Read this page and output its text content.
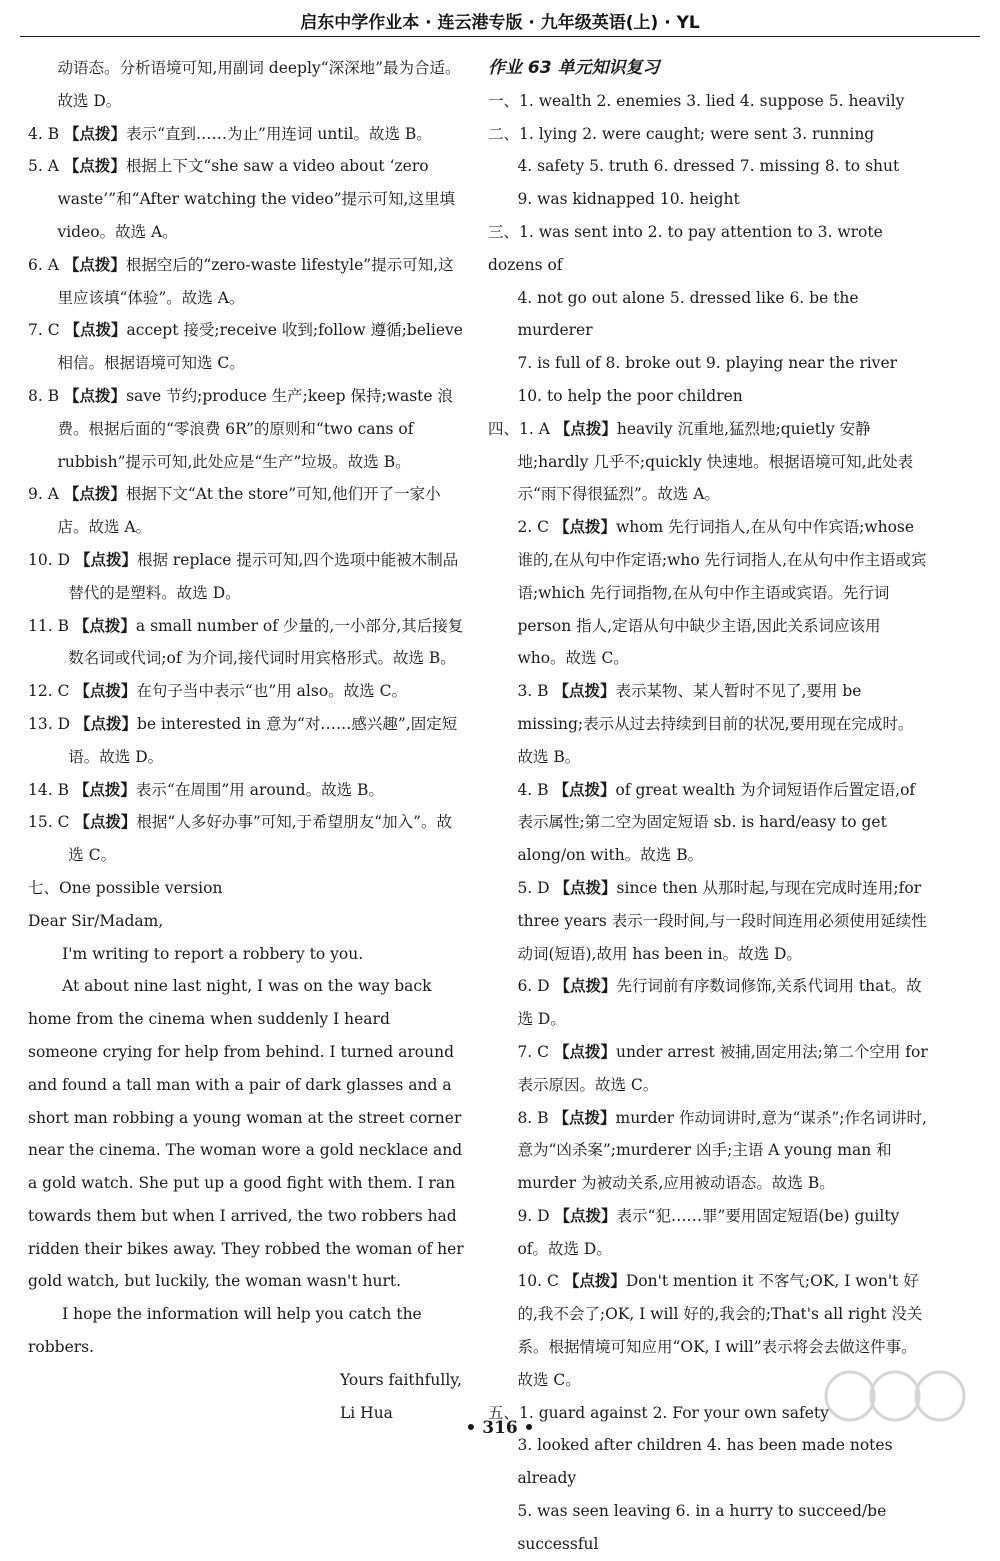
启东中学作业本 · 连云港专版 · 九年级英语(上) · YL
动语态。分析语境可知,用副词 deeply“深深地”最为合适。故选 D。
4. B 【点拨】表示“直到……为止”用连词 until。故选 B。
5. A 【点拨】根据上下文“she saw a video about ‘zero waste’”和“After watching the video”提示可知,这里填 video。故选 A。
6. A 【点拨】根据空后的“zero-waste lifestyle”提示可知,这里应该填“体验”。故选 A。
7. C 【点拨】accept 接受;receive 收到;follow 遵循;believe 相信。根据语境可知选 C。
8. B 【点拨】save 节约;produce 生产;keep 保持;waste 浪费。根据后面的“零浪费 6R”的原则和“two cans of rubbish”提示可知,此处应是“生产”垃圾。故选 B。
9. A 【点拨】根据下文“At the store”可知,他们开了一家小店。故选 A。
10. D 【点拨】根据 replace 提示可知,四个选项中能被木制品替代的是塑料。故选 D。
11. B 【点拨】a small number of 少量的,一小部分,其后接复数名词或代词;of 为介词,接代词时用宾格形式。故选 B。
12. C 【点拨】在句子当中表示“也”用 also。故选 C。
13. D 【点拨】be interested in 意为“对……感兴趣”,固定短语。故选 D。
14. B 【点拨】表示“在周围”用 around。故选 B。
15. C 【点拨】根据“人多好办事”可知,于希望朋友“加入”。故选 C。
七、One possible version
Dear Sir/Madam,
I'm writing to report a robbery to you.
At about nine last night, I was on the way back home from the cinema when suddenly I heard someone crying for help from behind. I turned around and found a tall man with a pair of dark glasses and a short man robbing a young woman at the street corner near the cinema. The woman wore a gold necklace and a gold watch. She put up a good fight with them. I ran towards them but when I arrived, the two robbers had ridden their bikes away. They robbed the woman of her gold watch, but luckily, the woman wasn't hurt.
I hope the information will help you catch the robbers.
Yours faithfully,
Li Hua
作业 63 单元知识复习
一、1. wealth 2. enemies 3. lied 4. suppose 5. heavily
二、1. lying 2. were caught; were sent 3. running
4. safety 5. truth 6. dressed 7. missing 8. to shut
9. was kidnapped 10. height
三、1. was sent into 2. to pay attention to 3. wrote dozens of
4. not go out alone 5. dressed like 6. be the murderer
7. is full of 8. broke out 9. playing near the river
10. to help the poor children
四、1. A 【点拨】heavily 沉重地,猛烈地;quietly 安静地;hardly 几乎不;quickly 快速地。根据语境可知,此处表示“雨下得很猛烈”。故选 A。
2. C 【点拨】whom 先行词指人,在从句中作宾语;whose 谁的,在从句中作定语;who 先行词指人,在从句中作主语或宾语;which 先行词指物,在从句中作主语或宾语。先行词 person 指人,定语从句中缺少主语,因此关系词应该用 who。故选 C。
3. B 【点拨】表示某物、某人暂时不见了,要用 be missing;表示从过去持续到目前的状况,要用现在完成时。故选 B。
4. B 【点拨】of great wealth 为介词短语作后置定语,of 表示属性;第二空为固定短语 sb. is hard/easy to get along/on with。故选 B。
5. D 【点拨】since then 从那时起,与现在完成时连用;for three years 表示一段时间,与一段时间连用必须使用延续性动词(短语),故用 has been in。故选 D。
6. D 【点拨】先行词前有序数词修饰,关系代词用 that。故选 D。
7. C 【点拨】under arrest 被捕,固定用法;第二个空用 for 表示原因。故选 C。
8. B 【点拨】murder 作动词讲时,意为“谋杀”;作名词讲时,意为“凶杀案”;murderer 凶手;主语 A young man 和 murder 为被动关系,应用被动语态。故选 B。
9. D 【点拨】表示“犯……罪”要用固定短语(be) guilty of。故选 D。
10. C 【点拨】Don't mention it 不客气;OK, I won't 好的,我不会了;OK, I will 好的,我会的;That's all right 没关系。根据情境可知应用“OK, I will”表示将会去做这件事。故选 C。
五、1. guard against 2. For your own safety
3. looked after children 4. has been made notes already
5. was seen leaving 6. in a hurry to succeed/be successful
• 316 •
